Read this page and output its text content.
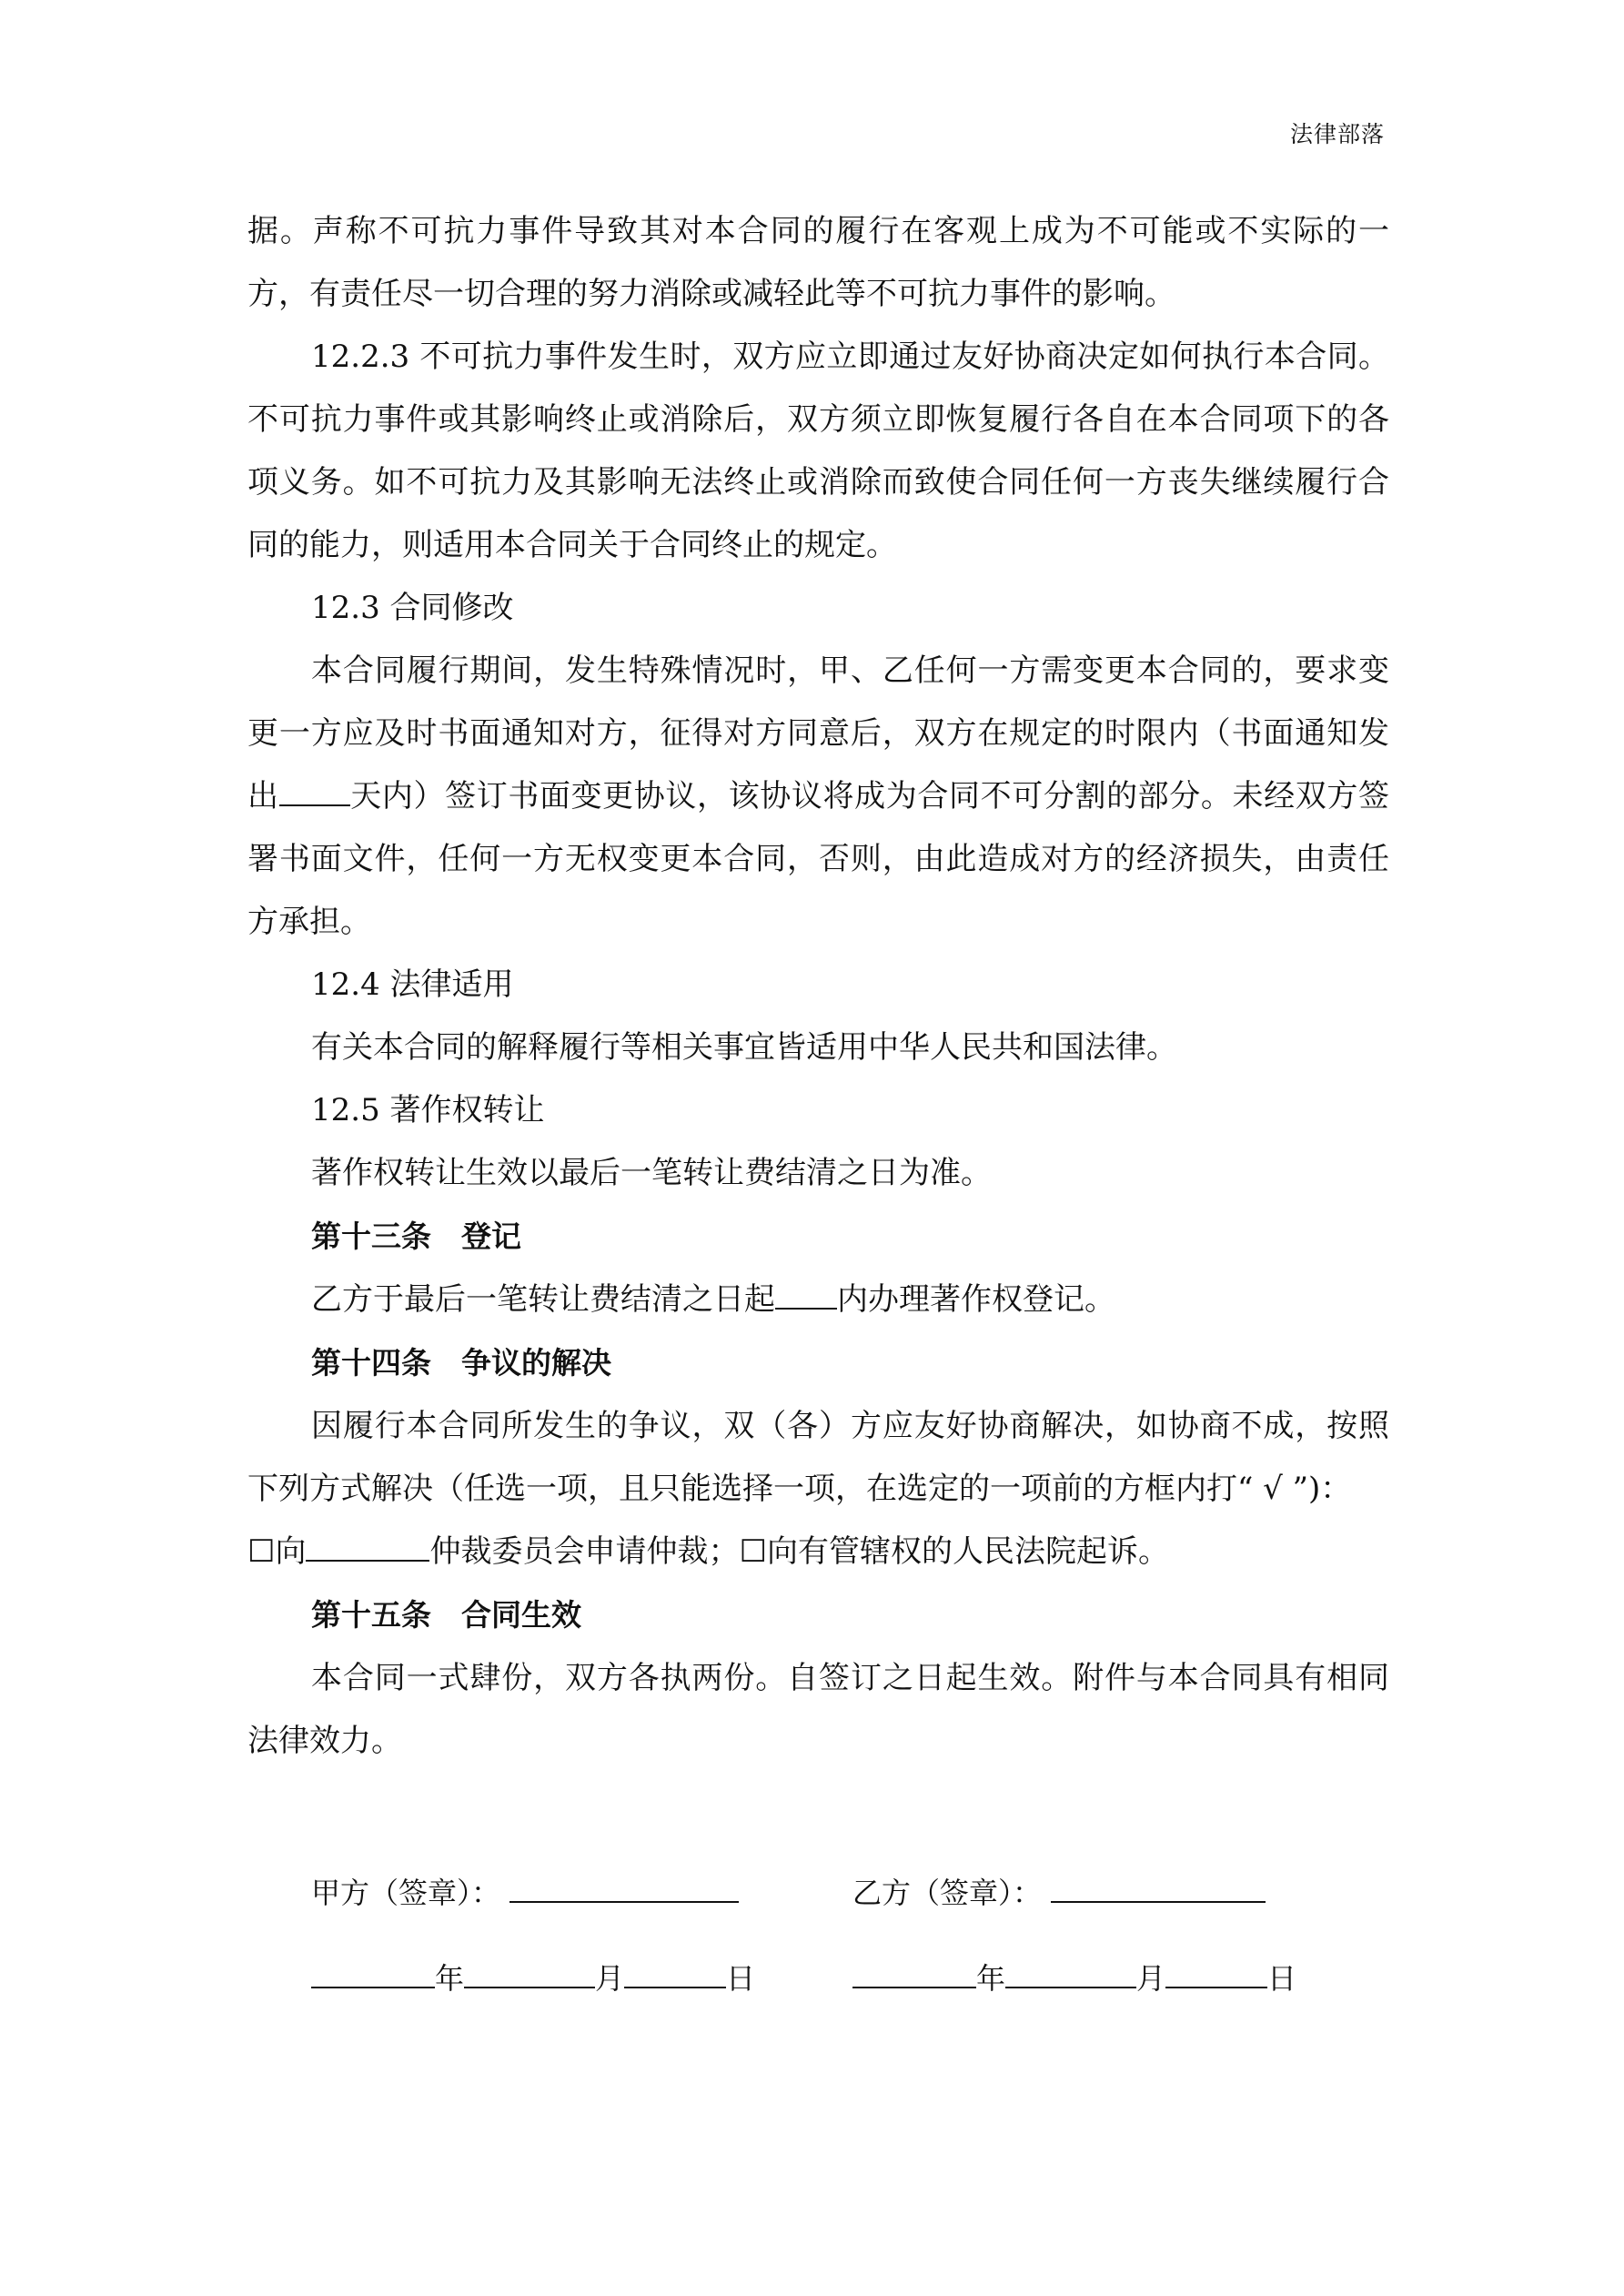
法律部落

据。声称不可抗力事件导致其对本合同的履行在客观上成为不可能或不实际的一方，有责任尽一切合理的努力消除或减轻此等不可抗力事件的影响。

12.2.3 不可抗力事件发生时，双方应立即通过友好协商决定如何执行本合同。不可抗力事件或其影响终止或消除后，双方须立即恢复履行各自在本合同项下的各项义务。如不可抗力及其影响无法终止或消除而致使合同任何一方丧失继续履行合同的能力，则适用本合同关于合同终止的规定。

12.3 合同修改

本合同履行期间，发生特殊情况时，甲、乙任何一方需变更本合同的，要求变更一方应及时书面通知对方，征得对方同意后，双方在规定的时限内（书面通知发出 天内）签订书面变更协议，该协议将成为合同不可分割的部分。未经双方签署书面文件，任何一方无权变更本合同，否则，由此造成对方的经济损失，由责任方承担。

12.4 法律适用

有关本合同的解释履行等相关事宜皆适用中华人民共和国法律。

12.5 著作权转让

著作权转让生效以最后一笔转让费结清之日为准。

第十三条　登记

乙方于最后一笔转让费结清之日起 内办理著作权登记。

第十四条　争议的解决

因履行本合同所发生的争议，双（各）方应友好协商解决，如协商不成，按照下列方式解决（任选一项，且只能选择一项，在选定的一项前的方框内打“ √ ”)：

☐向	仲裁委员会申请仲裁；☐向有管辖权的人民法院起诉。

第十五条　合同生效

本合同一式肆份，双方各执两份。自签订之日起生效。附件与本合同具有相同法律效力。

甲方（签章）：	乙方（签章）：
年	月	日	年	月	日
